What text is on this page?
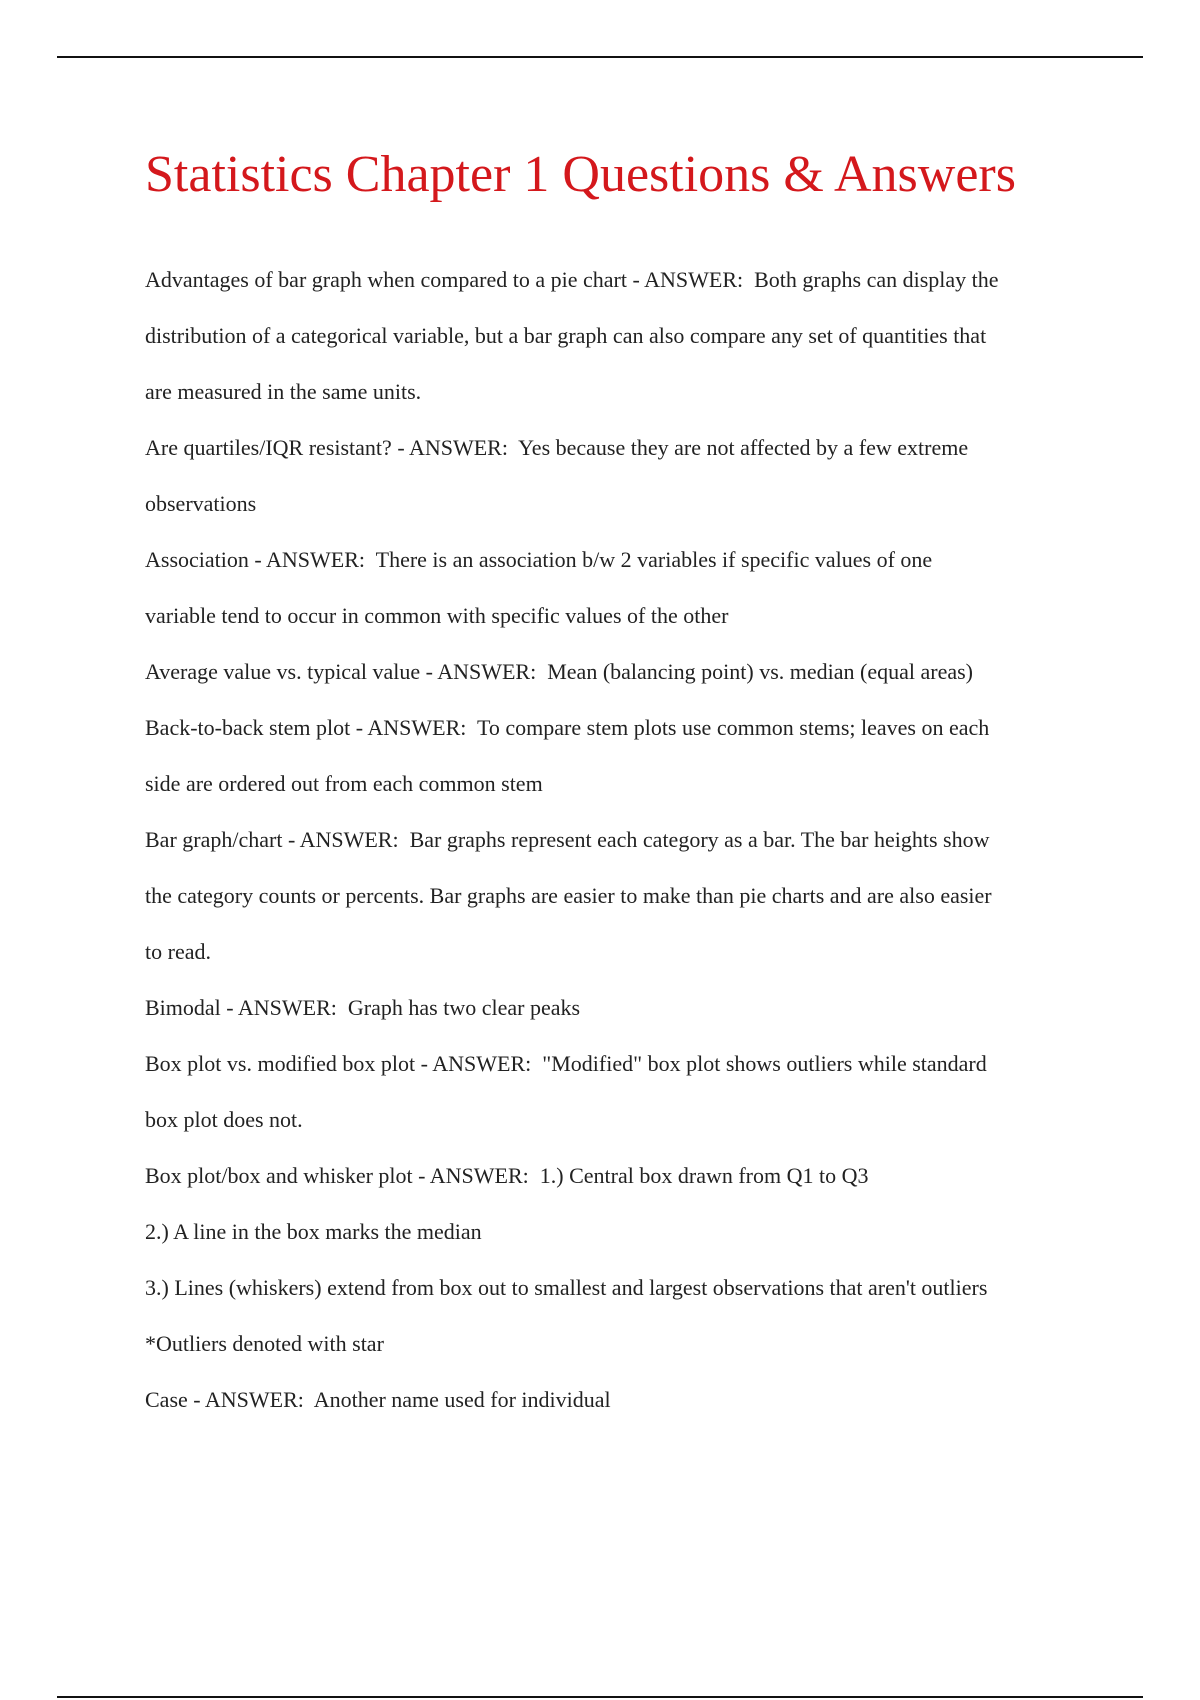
Statistics Chapter 1 Questions & Answers
Advantages of bar graph when compared to a pie chart - ANSWER : Both graphs can display the
distribution of a categorical variable, but a bar graph can also compare any set of quantities that
are measured in the same units.
Are quartiles/IQR resistant? - ANSWER : Yes because they are not affected by a few extreme
observations
Association - ANSWER : There is an association b/w 2 variables if specific values of one
variable tend to occur in common with specific values of the other
Average value vs. typical value - ANSWER : Mean (balancing point) vs. median (equal areas)
Back-to-back stem plot - ANSWER : To compare stem plots use common stems; leaves on each
side are ordered out from each common stem
Bar graph/chart - ANSWER : Bar graphs represent each category as a bar. The bar heights show
the category counts or percents. Bar graphs are easier to make than pie charts and are also easier
to read.
Bimodal - ANSWER : Graph has two clear peaks
Box plot vs. modified box plot - ANSWER : "Modified" box plot shows outliers while standard
box plot does not.
Box plot/box and whisker plot - ANSWER : 1.) Central box drawn from Q1 to Q3
2.) A line in the box marks the median
3.) Lines (whiskers) extend from box out to smallest and largest observations that aren't outliers
*Outliers denoted with star
Case - ANSWER : Another name used for individual
